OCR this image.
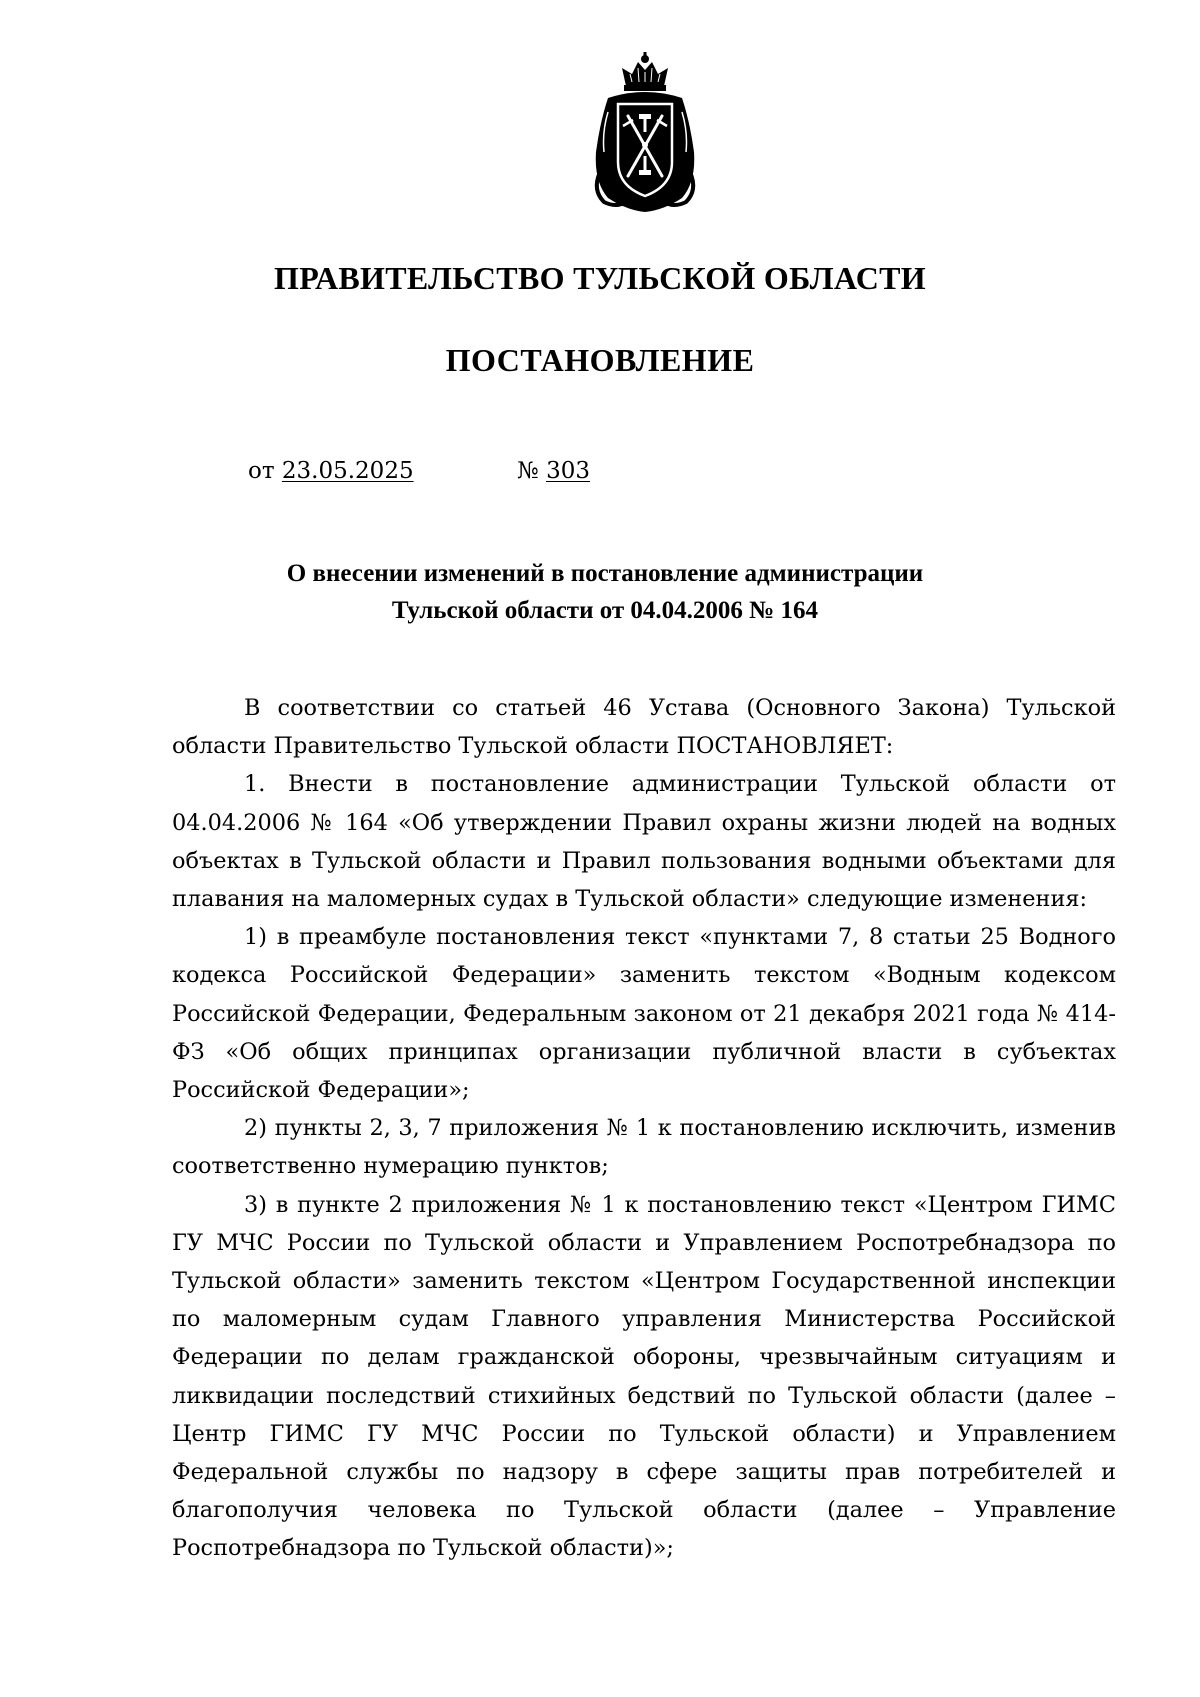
ПРАВИТЕЛЬСТВО ТУЛЬСКОЙ ОБЛАСТИ
ПОСТАНОВЛЕНИЕ
от 23.05.2025	№ 303
О внесении изменений в постановление администрации
Тульской области от 04.04.2006 № 164

В соответствии со статьей 46 Устава (Основного Закона) Тульской области Правительство Тульской области ПОСТАНОВЛЯЕТ:

1. Внести в постановление администрации Тульской области от 04.04.2006 № 164 «Об утверждении Правил охраны жизни людей на водных объектах в Тульской области и Правил пользования водными объектами для плавания на маломерных судах в Тульской области» следующие изменения:

1) в преамбуле постановления текст «пунктами 7, 8 статьи 25 Водного кодекса Российской Федерации» заменить текстом «Водным кодексом Российской Федерации, Федеральным законом от 21 декабря 2021 года № 414-ФЗ «Об общих принципах организации публичной власти в субъектах Российской Федерации»;

2) пункты 2, 3, 7 приложения № 1 к постановлению исключить, изменив соответственно нумерацию пунктов;

3) в пункте 2 приложения № 1 к постановлению текст «Центром ГИМС ГУ МЧС России по Тульской области и Управлением Роспотребнадзора по Тульской области» заменить текстом «Центром Государственной инспекции по маломерным судам Главного управления Министерства Российской Федерации по делам гражданской обороны, чрезвычайным ситуациям и ликвидации последствий стихийных бедствий по Тульской области (далее – Центр ГИМС ГУ МЧС России по Тульской области) и Управлением Федеральной службы по надзору в сфере защиты прав потребителей и благополучия человека по Тульской области (далее – Управление Роспотребнадзора по Тульской области)»;
